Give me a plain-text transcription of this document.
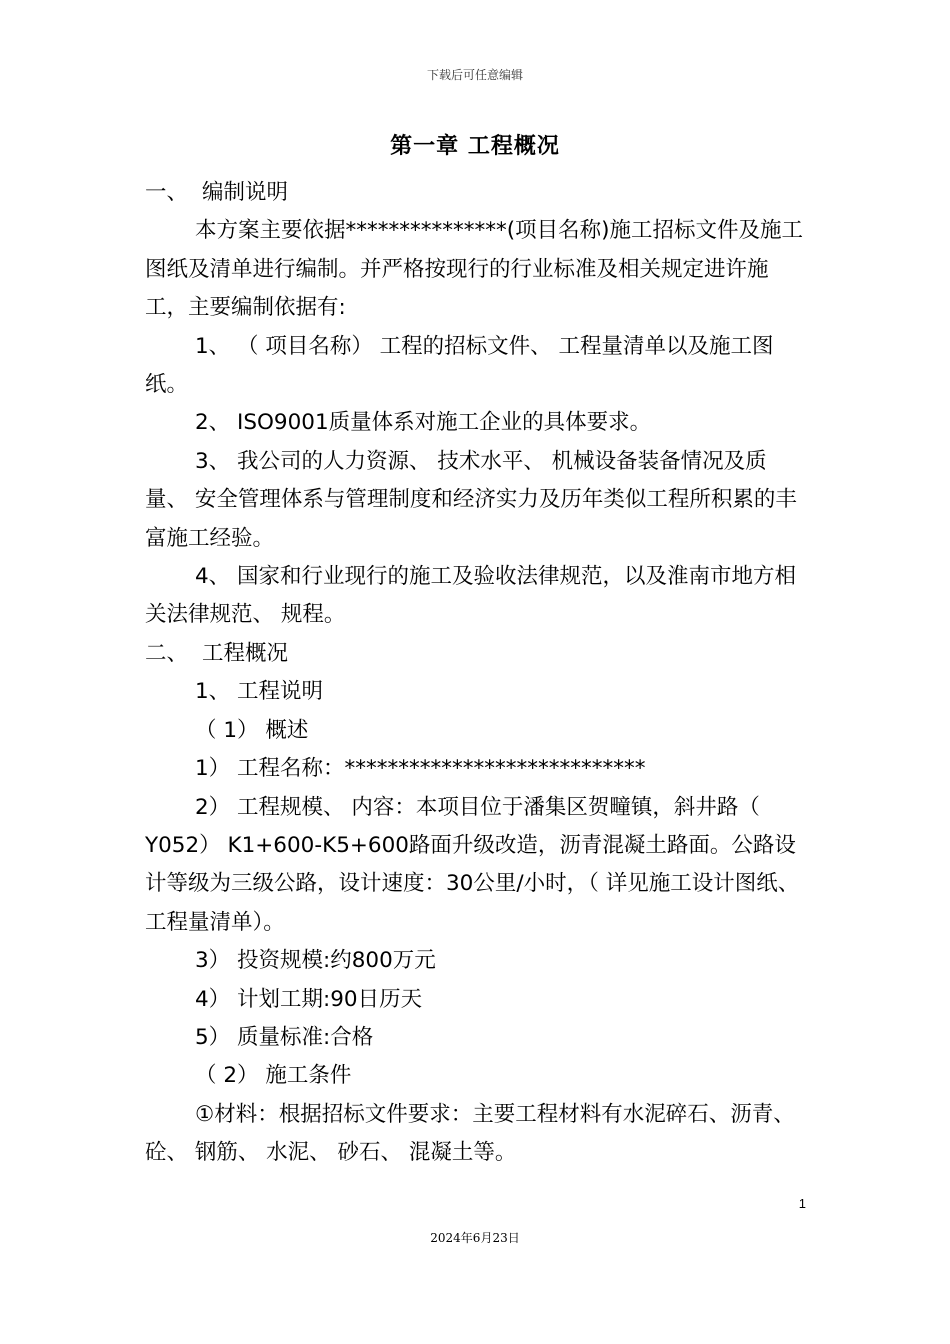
下载后可任意编辑
第一章 工程概况

一、 编制说明

本方案主要依据***************(项目名称)施工招标文件及施工图纸及清单进行编制。并严格按现行的行业标准及相关规定进许施工，主要编制依据有:

1、 （ 项目名称） 工程的招标文件、 工程量清单以及施工图纸。

2、 ISO9001质量体系对施工企业的具体要求。

3、 我公司的人力资源、 技术水平、 机械设备装备情况及质量、 安全管理体系与管理制度和经济实力及历年类似工程所积累的丰富施工经验。

4、 国家和行业现行的施工及验收法律规范，以及淮南市地方相关法律规范、 规程。

二、 工程概况

1、 工程说明

（ 1） 概述

1） 工程名称：****************************

2） 工程规模、 内容：本项目位于潘集区贺疃镇，斜井路（ Y052） K1+600-K5+600路面升级改造，沥青混凝土路面。公路设计等级为三级公路，设计速度：30公里/小时，（ 详见施工设计图纸、 工程量清单）。

3） 投资规模:约800万元

4） 计划工期:90日历天

5） 质量标准:合格

（ 2） 施工条件

①材料：根据招标文件要求：主要工程材料有水泥碎石、沥青、 砼、 钢筋、 水泥、 砂石、 混凝土等。

1
2024年6月23日
